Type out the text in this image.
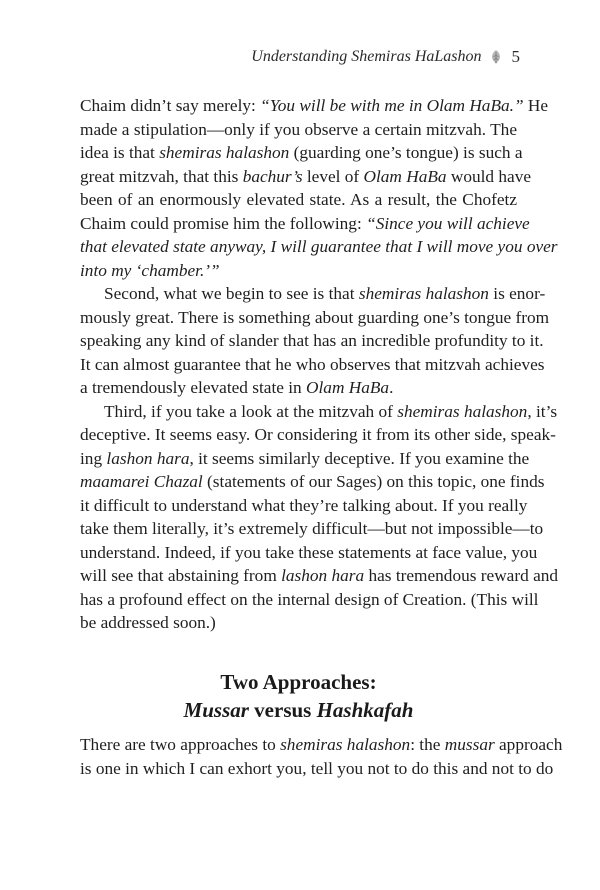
Understanding Shemiras HaLashon 5
Chaim didn’t say merely: “You will be with me in Olam HaBa.” He
made a stipulation—only if you observe a certain mitzvah. The
idea is that shemiras halashon (guarding one’s tongue) is such a
great mitzvah, that this bachur’s level of Olam HaBa would have
been of an enormously elevated state. As a result, the Chofetz
Chaim could promise him the following: “Since you will achieve
that elevated state anyway, I will guarantee that I will move you over
into my ‘chamber.’”
Second, what we begin to see is that shemiras halashon is enor-
mously great. There is something about guarding one’s tongue from
speaking any kind of slander that has an incredible profundity to it.
It can almost guarantee that he who observes that mitzvah achieves
a tremendously elevated state in Olam HaBa.
Third, if you take a look at the mitzvah of shemiras halashon, it’s
deceptive. It seems easy. Or considering it from its other side, speak-
ing lashon hara, it seems similarly deceptive. If you examine the
maamarei Chazal (statements of our Sages) on this topic, one finds
it difficult to understand what they’re talking about. If you really
take them literally, it’s extremely difficult—but not impossible—to
understand. Indeed, if you take these statements at face value, you
will see that abstaining from lashon hara has tremendous reward and
has a profound effect on the internal design of Creation. (This will
be addressed soon.)
Two Approaches:
Mussar versus Hashkafah
There are two approaches to shemiras halashon: the mussar approach
is one in which I can exhort you, tell you not to do this and not to do
